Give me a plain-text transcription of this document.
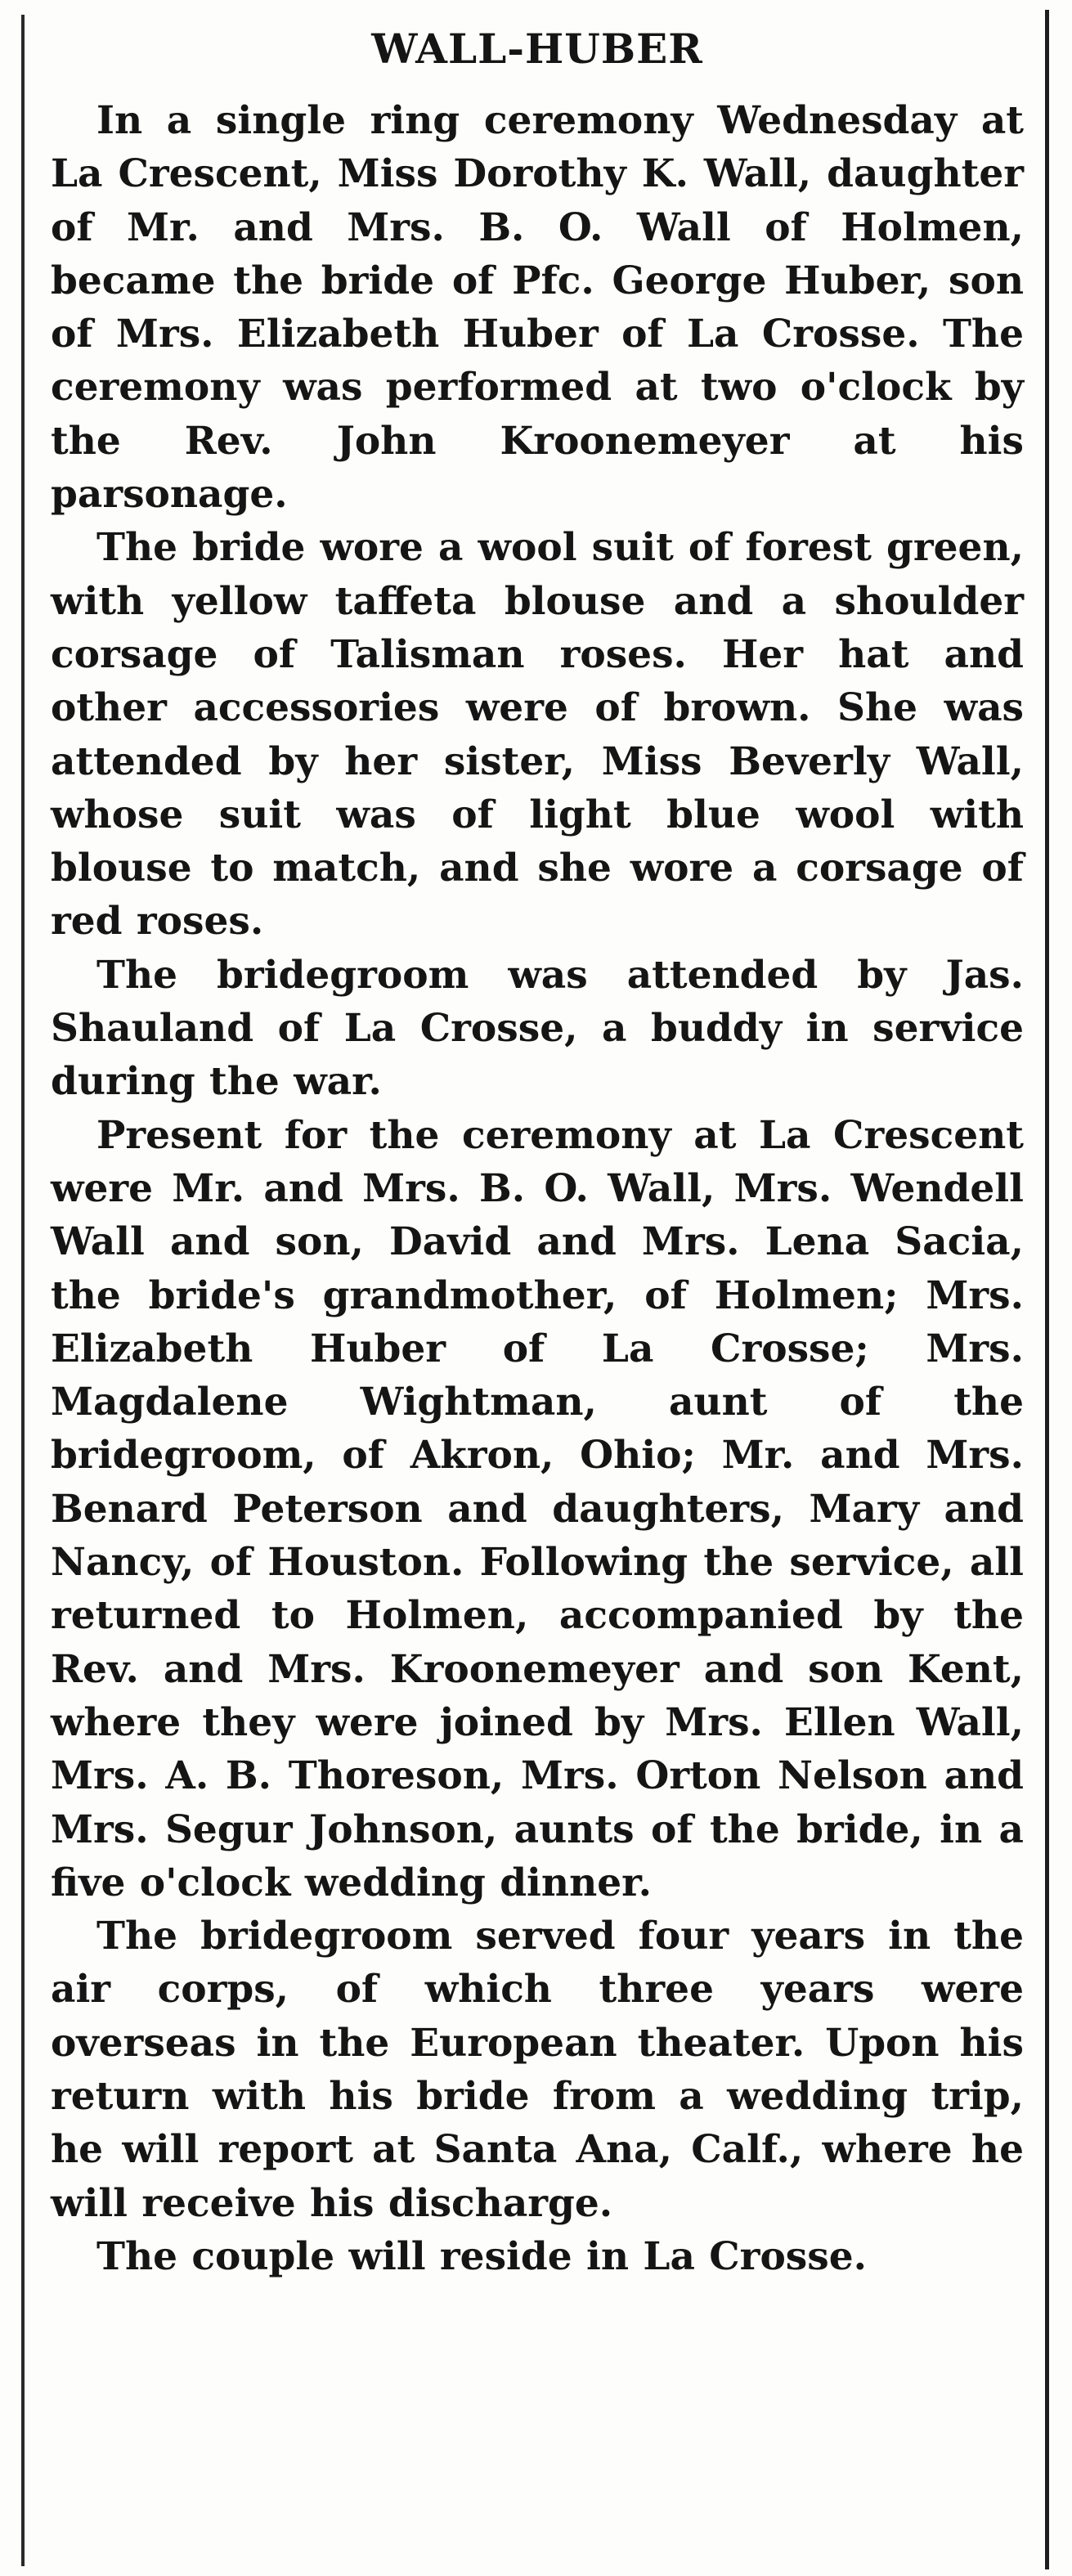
WALL-HUBER

In a single ring ceremony Wednesday at La Crescent, Miss Dorothy K. Wall, daughter of Mr. and Mrs. B. O. Wall of Holmen, became the bride of Pfc. George Huber, son of Mrs. Elizabeth Huber of La Crosse. The ceremony was performed at two o'clock by the Rev. John Kroonemeyer at his parsonage.

The bride wore a wool suit of forest green, with yellow taffeta blouse and a shoulder corsage of Talisman roses. Her hat and other accessories were of brown. She was attended by her sister, Miss Beverly Wall, whose suit was of light blue wool with blouse to match, and she wore a corsage of red roses.

The bridegroom was attended by Jas. Shauland of La Crosse, a buddy in service during the war.

Present for the ceremony at La Crescent were Mr. and Mrs. B. O. Wall, Mrs. Wendell Wall and son, David and Mrs. Lena Sacia, the bride's grandmother, of Holmen; Mrs. Elizabeth Huber of La Crosse; Mrs. Magdalene Wightman, aunt of the bridegroom, of Akron, Ohio; Mr. and Mrs. Benard Peterson and daughters, Mary and Nancy, of Houston. Following the service, all returned to Holmen, accompanied by the Rev. and Mrs. Kroonemeyer and son Kent, where they were joined by Mrs. Ellen Wall, Mrs. A. B. Thoreson, Mrs. Orton Nelson and Mrs. Segur Johnson, aunts of the bride, in a five o'clock wedding dinner.

The bridegroom served four years in the air corps, of which three years were overseas in the European theater. Upon his return with his bride from a wedding trip, he will report at Santa Ana, Calf., where he will receive his discharge.

The couple will reside in La Crosse.
